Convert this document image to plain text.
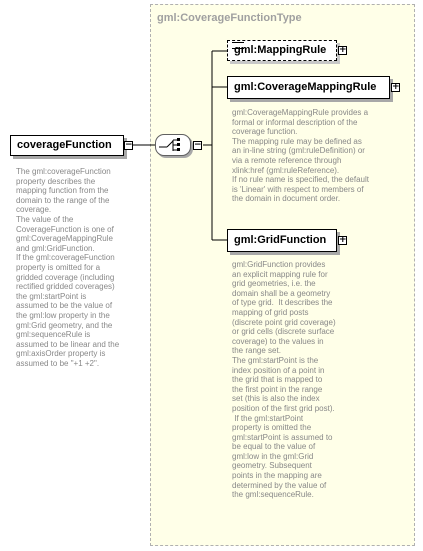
gml:CoverageFunctionType
coverageFunction	−
The gml:coverageFunction
property describes the
mapping function from the
domain to the range of the
coverage.
The value of the
CoverageFunction is one of
gml:CoverageMappingRule
and gml:GridFunction.
If the gml:coverageFunction
property is omitted for a
gridded coverage (including
rectified gridded coverages)
the gml:startPoint is
assumed to be the value of
the gml:low property in the
gml:Grid geometry, and the
gml:sequenceRule is
assumed to be linear and the
gml:axisOrder property is
assumed to be "+1 +2".
−
gml:MappingRule	+
gml:CoverageMappingRule	+
gml:CoverageMappingRule provides a
formal or informal description of the
coverage function.
The mapping rule may be defined as
an in-line string (gml:ruleDefinition) or
via a remote reference through
xlink:href (gml:ruleReference).
If no rule name is specified, the default
is 'Linear' with respect to members of
the domain in document order.
gml:GridFunction	+
gml:GridFunction provides
an explicit mapping rule for
grid geometries, i.e. the
domain shall be a geometry
of type grid.  It describes the
mapping of grid posts
(discrete point grid coverage)
or grid cells (discrete surface
coverage) to the values in
the range set.
The gml:startPoint is the
index position of a point in
the grid that is mapped to
the first point in the range
set (this is also the index
position of the first grid post).
If the gml:startPoint
property is omitted the
gml:startPoint is assumed to
be equal to the value of
gml:low in the gml:Grid
geometry. Subsequent
points in the mapping are
determined by the value of
the gml:sequenceRule.
